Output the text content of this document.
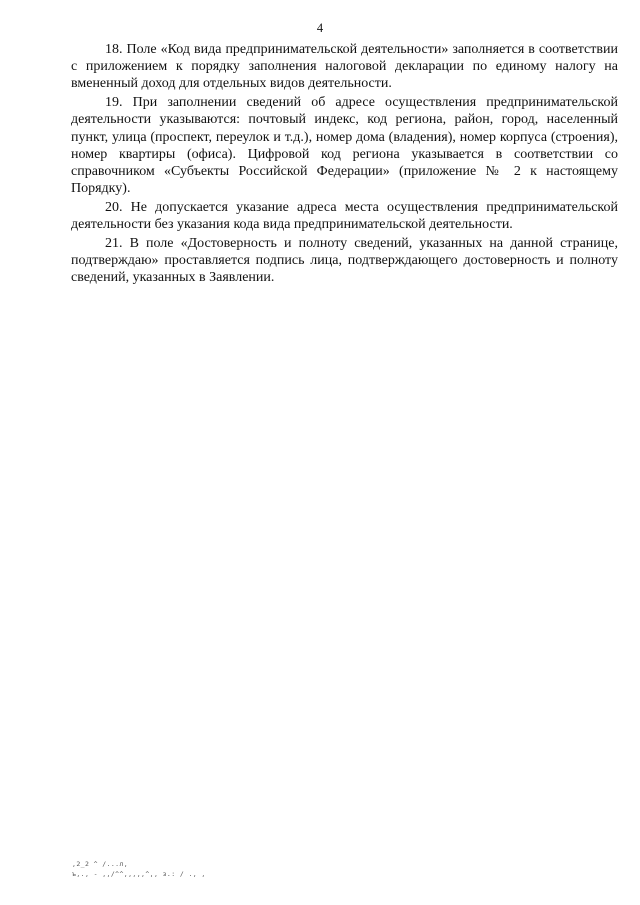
4

18. Поле «Код вида предпринимательской деятельности» заполняется в соответствии с приложением к порядку заполнения налоговой декларации по единому налогу на вмененный доход для отдельных видов деятельности.

19. При заполнении сведений об адресе осуществления предпринимательской деятельности указываются: почтовый индекс, код региона, район, город, населенный пункт, улица (проспект, переулок и т.д.), номер дома (владения), номер корпуса (строения), номер квартиры (офиса). Цифровой код региона указывается в соответствии со справочником «Субъекты Российской Федерации» (приложение № 2 к настоящему Порядку).

20. Не допускается указание адреса места осуществления предпринимательской деятельности без указания кода вида предпринимательской деятельности.

21. В поле «Достоверность и полноту сведений, указанных на данной странице, подтверждаю» проставляется подпись лица, подтверждающего достоверность и полноту сведений, указанных в Заявлении.

,2_2 ^ /...л,
ъ,., - ,,/^^,,,,,^,, з.: / ., ,
